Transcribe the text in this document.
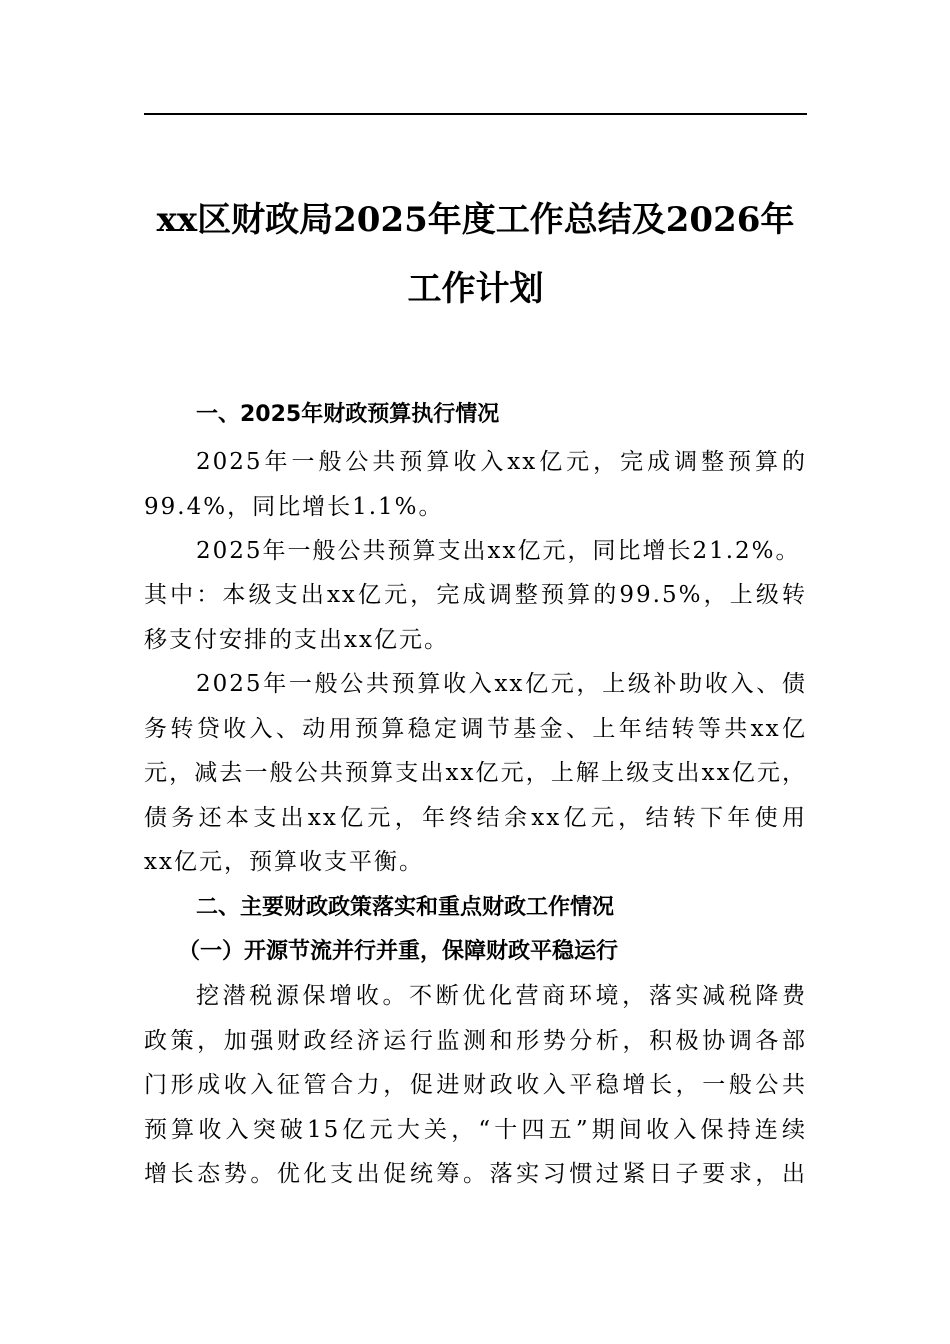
xx区财政局2025年度工作总结及2026年
工作计划
一、2025年财政预算执行情况

2025年一般公共预算收入xx亿元，完成调整预算的

99.4%，同比增长1.1%。

2025年一般公共预算支出xx亿元，同比增长21.2%。

其中：本级支出xx亿元，完成调整预算的99.5%，上级转

移支付安排的支出xx亿元。

2025年一般公共预算收入xx亿元，上级补助收入、债

务转贷收入、动用预算稳定调节基金、上年结转等共xx亿

元，减去一般公共预算支出xx亿元，上解上级支出xx亿元，

债务还本支出xx亿元，年终结余xx亿元，结转下年使用

xx亿元，预算收支平衡。

二、主要财政政策落实和重点财政工作情况
（一）开源节流并行并重，保障财政平稳运行

挖潜税源保增收。不断优化营商环境，落实减税降费

政策，加强财政经济运行监测和形势分析，积极协调各部

门形成收入征管合力，促进财政收入平稳增长，一般公共

预算收入突破15亿元大关，“十四五”期间收入保持连续

增长态势。优化支出促统筹。落实习惯过紧日子要求，出
